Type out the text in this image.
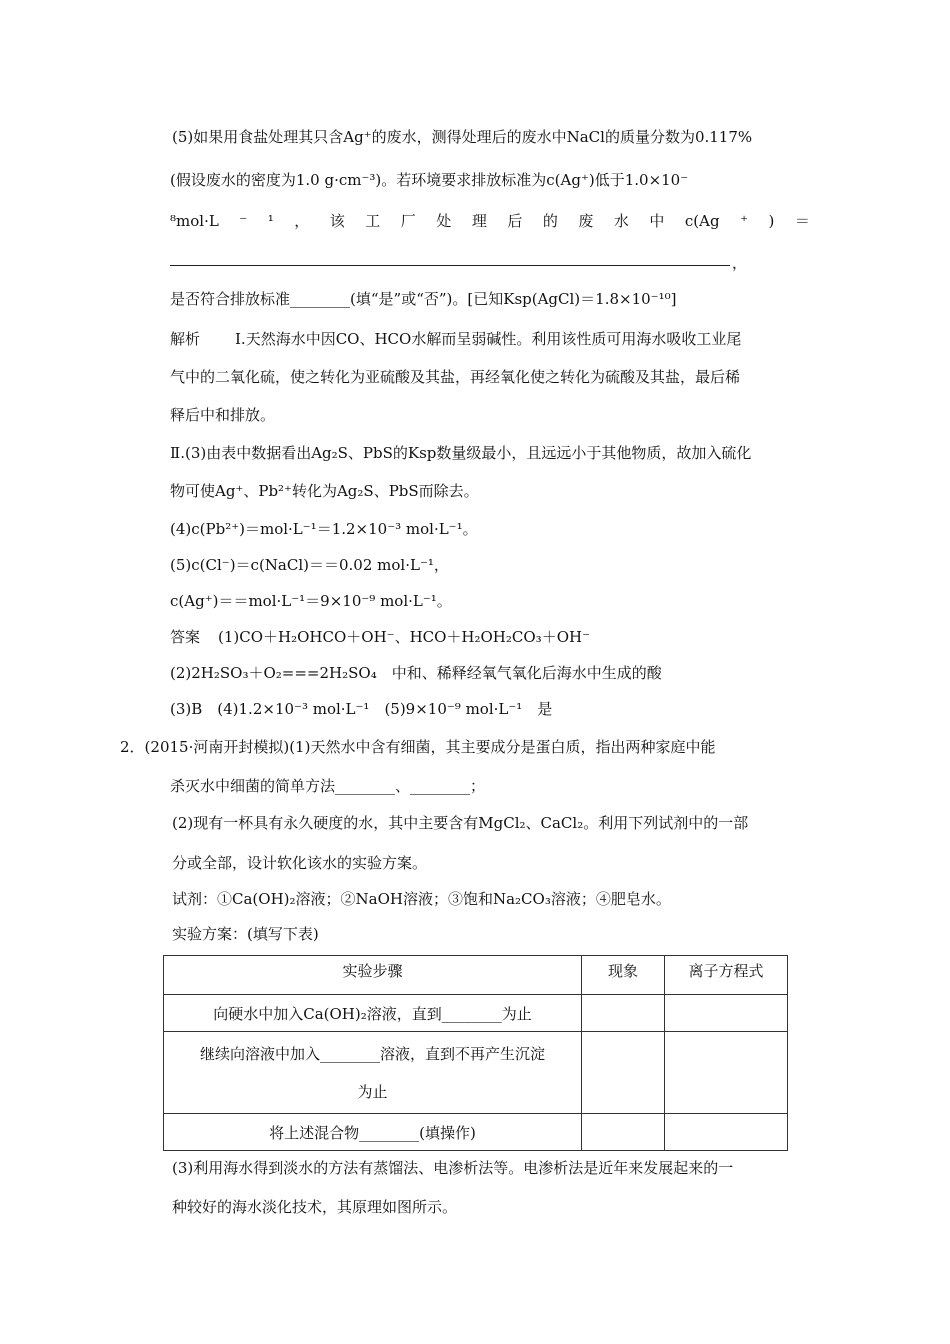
(5)如果用食盐处理其只含Ag⁺的废水，测得处理后的废水中NaCl的质量分数为0.117%
(假设废水的密度为1.0 g·cm⁻³)。若环境要求排放标准为c(Ag⁺)低于1.0×10⁻
⁸mol·L ⁻ ¹ ， 该 工 厂 处 理 后 的 废 水 中 c(Ag ⁺ ) ＝
，
是否符合排放标准________(填“是”或“否”)。[已知Ksp(AgCl)＝1.8×10⁻¹⁰]
解析 Ⅰ.天然海水中因CO、HCO水解而呈弱碱性。利用该性质可用海水吸收工业尾
气中的二氧化硫，使之转化为亚硫酸及其盐，再经氧化使之转化为硫酸及其盐，最后稀
释后中和排放。
Ⅱ.(3)由表中数据看出Ag₂S、PbS的Ksp数量级最小，且远远小于其他物质，故加入硫化
物可使Ag⁺、Pb²⁺转化为Ag₂S、PbS而除去。
(4)c(Pb²⁺)＝mol·L⁻¹＝1.2×10⁻³ mol·L⁻¹。
(5)c(Cl⁻)＝c(NaCl)＝＝0.02 mol·L⁻¹，
c(Ag⁺)＝＝mol·L⁻¹＝9×10⁻⁹ mol·L⁻¹。
答案 (1)CO＋H₂OHCO＋OH⁻、HCO＋H₂OH₂CO₃＋OH⁻
(2)2H₂SO₃＋O₂===2H₂SO₄　中和、稀释经氧气氧化后海水中生成的酸
(3)B　(4)1.2×10⁻³ mol·L⁻¹　(5)9×10⁻⁹ mol·L⁻¹　是
2．(2015·河南开封模拟)(1)天然水中含有细菌，其主要成分是蛋白质，指出两种家庭中能
杀灭水中细菌的简单方法________、________；
(2)现有一杯具有永久硬度的水，其中主要含有MgCl₂、CaCl₂。利用下列试剂中的一部
分或全部，设计软化该水的实验方案。
试剂：①Ca(OH)₂溶液；②NaOH溶液；③饱和Na₂CO₃溶液；④肥皂水。
实验方案：(填写下表)
实验步骤	现象	离子方程式
向硬水中加入Ca(OH)₂溶液，直到________为止		

继续向溶液中加入________溶液，直到不再产生沉淀
为止		

将上述混合物________(填操作)		
(3)利用海水得到淡水的方法有蒸馏法、电渗析法等。电渗析法是近年来发展起来的一
种较好的海水淡化技术，其原理如图所示。
